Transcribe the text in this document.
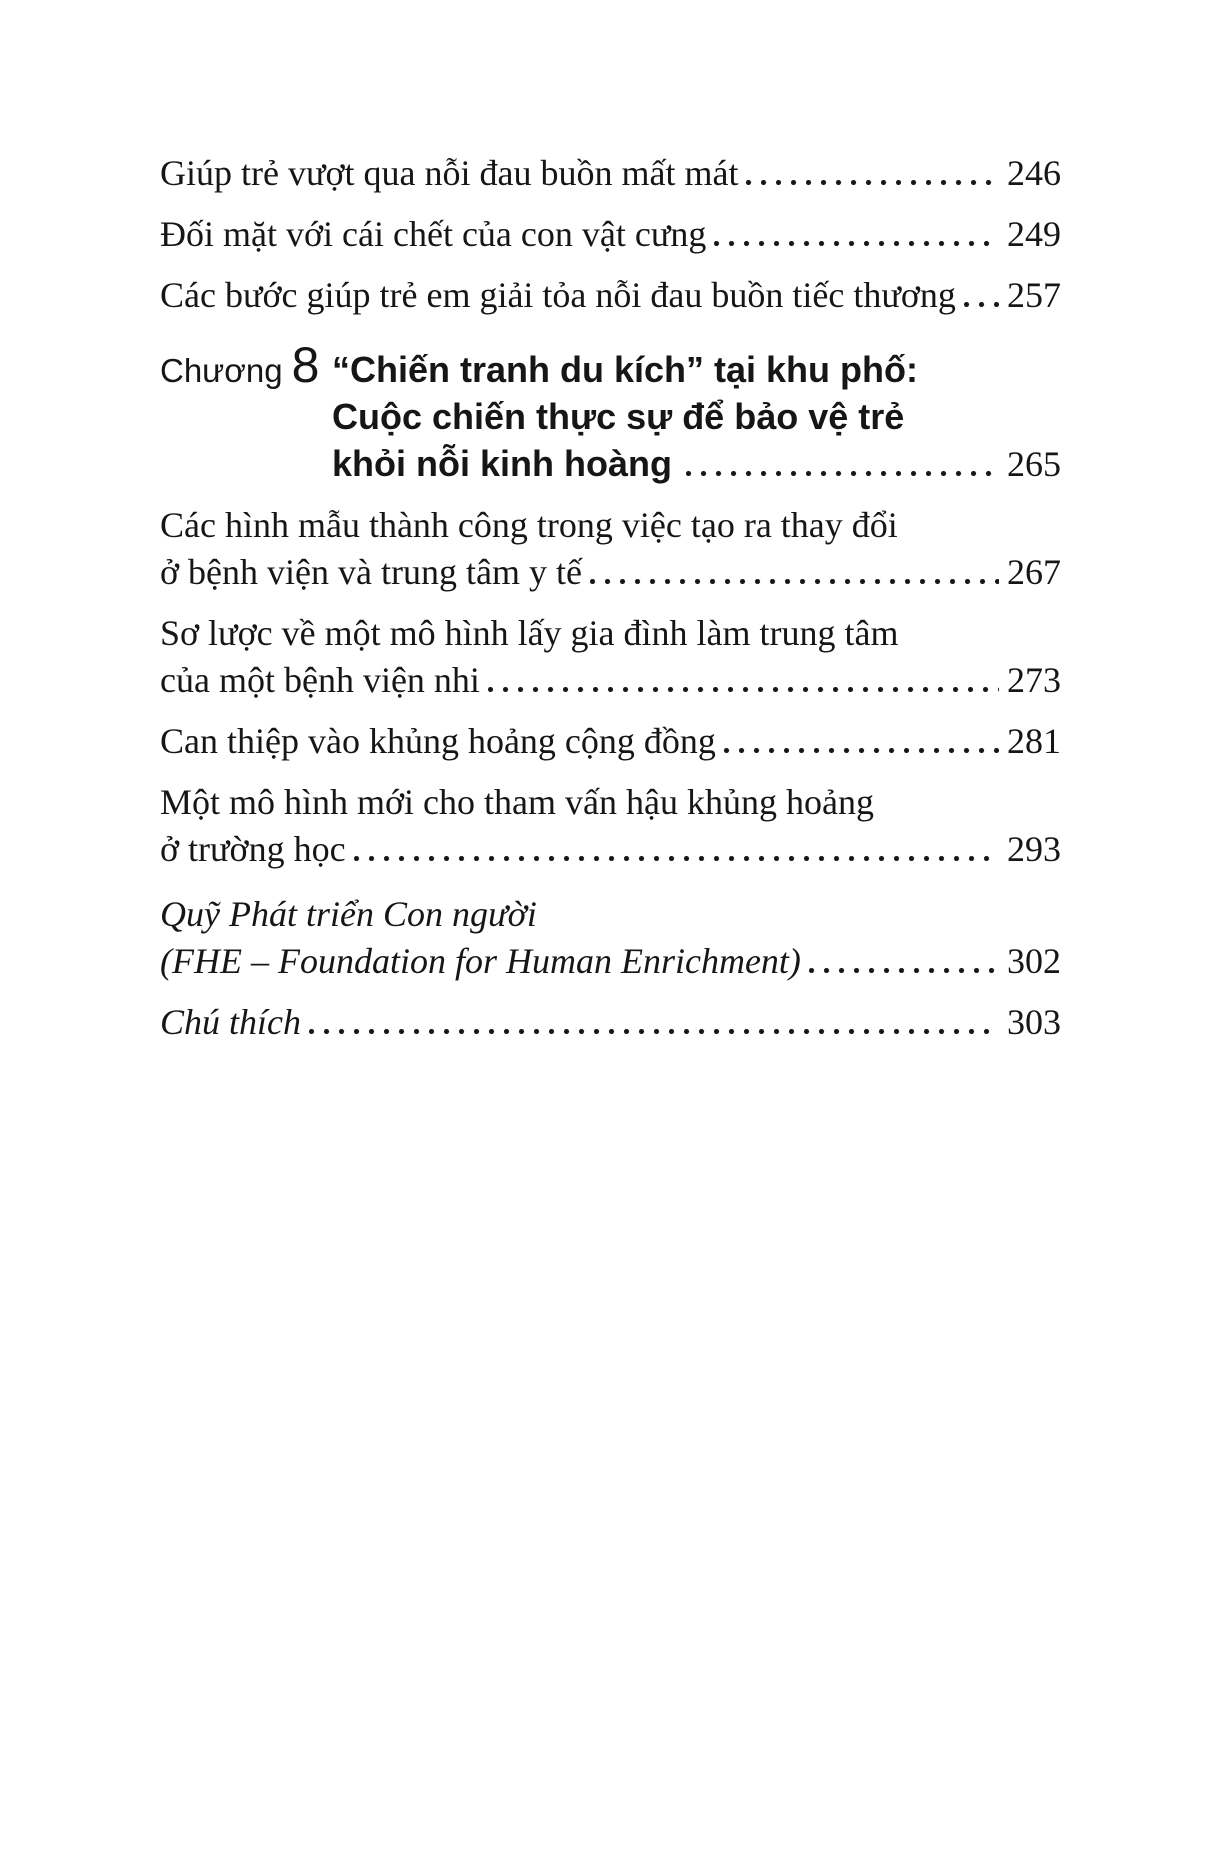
Giúp trẻ vượt qua nỗi đau buồn mất mát	246
Đối mặt với cái chết của con vật cưng	249
Các bước giúp trẻ em giải tỏa nỗi đau buồn tiếc thương 257
Chương 8 “Chiến tranh du kích” tại khu phố:
Cuộc chiến thực sự để bảo vệ trẻ
khỏi nỗi kinh hoàng	265
Các hình mẫu thành công trong việc tạo ra thay đổi
ở bệnh viện và trung tâm y tế	267
Sơ lược về một mô hình lấy gia đình làm trung tâm
của một bệnh viện nhi	273
Can thiệp vào khủng hoảng cộng đồng	281
Một mô hình mới cho tham vấn hậu khủng hoảng
ở trường học	293
Quỹ Phát triển Con người
(FHE – Foundation for Human Enrichment)	302
Chú thích	303
